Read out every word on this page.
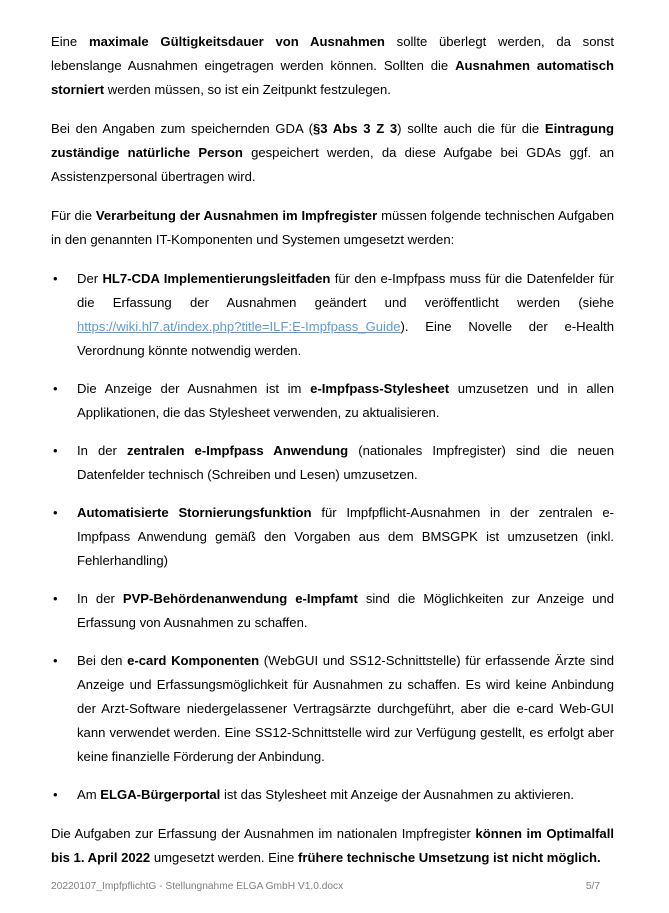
Eine maximale Gültigkeitsdauer von Ausnahmen sollte überlegt werden, da sonst lebenslange Ausnahmen eingetragen werden können. Sollten die Ausnahmen automatisch storniert werden müssen, so ist ein Zeitpunkt festzulegen.

Bei den Angaben zum speichernden GDA (§3 Abs 3 Z 3) sollte auch die für die Eintragung zuständige natürliche Person gespeichert werden, da diese Aufgabe bei GDAs ggf. an Assistenzpersonal übertragen wird.

Für die Verarbeitung der Ausnahmen im Impfregister müssen folgende technischen Aufgaben in den genannten IT-Komponenten und Systemen umgesetzt werden:

•	Der HL7-CDA Implementierungsleitfaden für den e-Impfpass muss für die Datenfelder für die Erfassung der Ausnahmen geändert und veröffentlicht werden (siehe https://wiki.hl7.at/index.php?title=ILF:E-Impfpass_Guide). Eine Novelle der e-Health Verordnung könnte notwendig werden.
•	Die Anzeige der Ausnahmen ist im e-Impfpass-Stylesheet umzusetzen und in allen Applikationen, die das Stylesheet verwenden, zu aktualisieren.
•	In der zentralen e-Impfpass Anwendung (nationales Impfregister) sind die neuen Datenfelder technisch (Schreiben und Lesen) umzusetzen.
•	Automatisierte Stornierungsfunktion für Impfpflicht-Ausnahmen in der zentralen e-Impfpass Anwendung gemäß den Vorgaben aus dem BMSGPK ist umzusetzen (inkl. Fehlerhandling)
•	In der PVP-Behördenanwendung e-Impfamt sind die Möglichkeiten zur Anzeige und Erfassung von Ausnahmen zu schaffen.
•	Bei den e-card Komponenten (WebGUI und SS12-Schnittstelle) für erfassende Ärzte sind Anzeige und Erfassungsmöglichkeit für Ausnahmen zu schaffen. Es wird keine Anbindung der Arzt-Software niedergelassener Vertragsärzte durchgeführt, aber die e-card Web-GUI kann verwendet werden. Eine SS12-Schnittstelle wird zur Verfügung gestellt, es erfolgt aber keine finanzielle Förderung der Anbindung.
•	Am ELGA-Bürgerportal ist das Stylesheet mit Anzeige der Ausnahmen zu aktivieren.

Die Aufgaben zur Erfassung der Ausnahmen im nationalen Impfregister können im Optimalfall bis 1. April 2022 umgesetzt werden. Eine frühere technische Umsetzung ist nicht möglich.

20220107_ImpfpflichtG - Stellungnahme ELGA GmbH V1.0.docx	5/7
